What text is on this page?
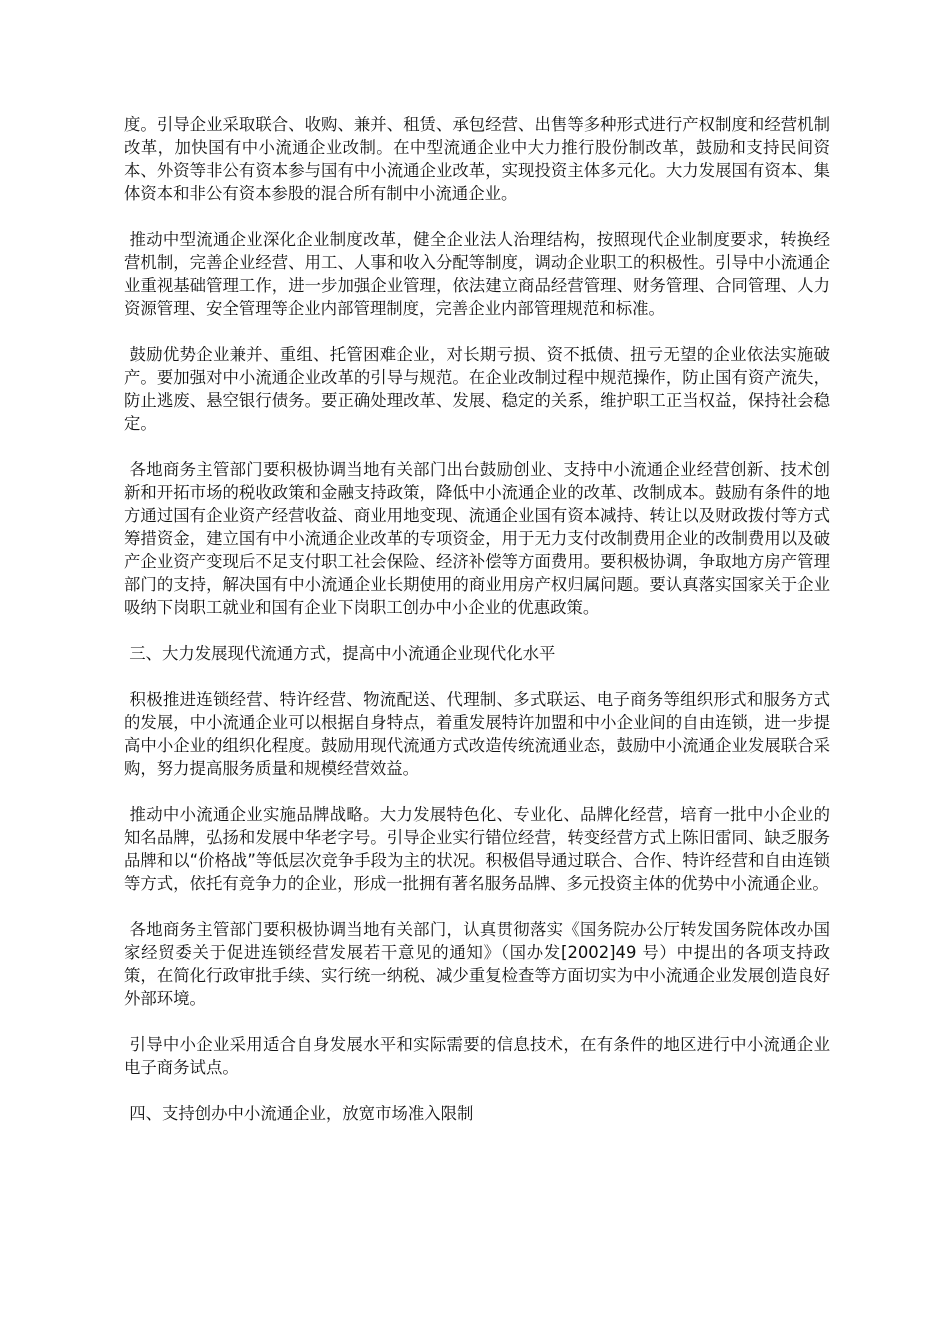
度。引导企业采取联合、收购、兼并、租赁、承包经营、出售等多种形式进行产权制度和经营机制改革，加快国有中小流通企业改制。在中型流通企业中大力推行股份制改革，鼓励和支持民间资本、外资等非公有资本参与国有中小流通企业改革，实现投资主体多元化。大力发展国有资本、集体资本和非公有资本参股的混合所有制中小流通企业。

推动中型流通企业深化企业制度改革，健全企业法人治理结构，按照现代企业制度要求，转换经营机制，完善企业经营、用工、人事和收入分配等制度，调动企业职工的积极性。引导中小流通企业重视基础管理工作，进一步加强企业管理，依法建立商品经营管理、财务管理、合同管理、人力资源管理、安全管理等企业内部管理制度，完善企业内部管理规范和标准。

鼓励优势企业兼并、重组、托管困难企业，对长期亏损、资不抵债、扭亏无望的企业依法实施破产。要加强对中小流通企业改革的引导与规范。在企业改制过程中规范操作，防止国有资产流失，防止逃废、悬空银行债务。要正确处理改革、发展、稳定的关系，维护职工正当权益，保持社会稳定。

各地商务主管部门要积极协调当地有关部门出台鼓励创业、支持中小流通企业经营创新、技术创新和开拓市场的税收政策和金融支持政策，降低中小流通企业的改革、改制成本。鼓励有条件的地方通过国有企业资产经营收益、商业用地变现、流通企业国有资本减持、转让以及财政拨付等方式筹措资金，建立国有中小流通企业改革的专项资金，用于无力支付改制费用企业的改制费用以及破产企业资产变现后不足支付职工社会保险、经济补偿等方面费用。要积极协调，争取地方房产管理部门的支持，解决国有中小流通企业长期使用的商业用房产权归属问题。要认真落实国家关于企业吸纳下岗职工就业和国有企业下岗职工创办中小企业的优惠政策。

三、大力发展现代流通方式，提高中小流通企业现代化水平

积极推进连锁经营、特许经营、物流配送、代理制、多式联运、电子商务等组织形式和服务方式的发展，中小流通企业可以根据自身特点，着重发展特许加盟和中小企业间的自由连锁，进一步提高中小企业的组织化程度。鼓励用现代流通方式改造传统流通业态，鼓励中小流通企业发展联合采购，努力提高服务质量和规模经营效益。

推动中小流通企业实施品牌战略。大力发展特色化、专业化、品牌化经营，培育一批中小企业的知名品牌，弘扬和发展中华老字号。引导企业实行错位经营，转变经营方式上陈旧雷同、缺乏服务品牌和以“价格战”等低层次竞争手段为主的状况。积极倡导通过联合、合作、特许经营和自由连锁等方式，依托有竞争力的企业，形成一批拥有著名服务品牌、多元投资主体的优势中小流通企业。

各地商务主管部门要积极协调当地有关部门，认真贯彻落实《国务院办公厅转发国务院体改办国家经贸委关于促进连锁经营发展若干意见的通知》（国办发[2002]49 号）中提出的各项支持政策，在简化行政审批手续、实行统一纳税、减少重复检查等方面切实为中小流通企业发展创造良好外部环境。

引导中小企业采用适合自身发展水平和实际需要的信息技术，在有条件的地区进行中小流通企业电子商务试点。

四、支持创办中小流通企业，放宽市场准入限制
